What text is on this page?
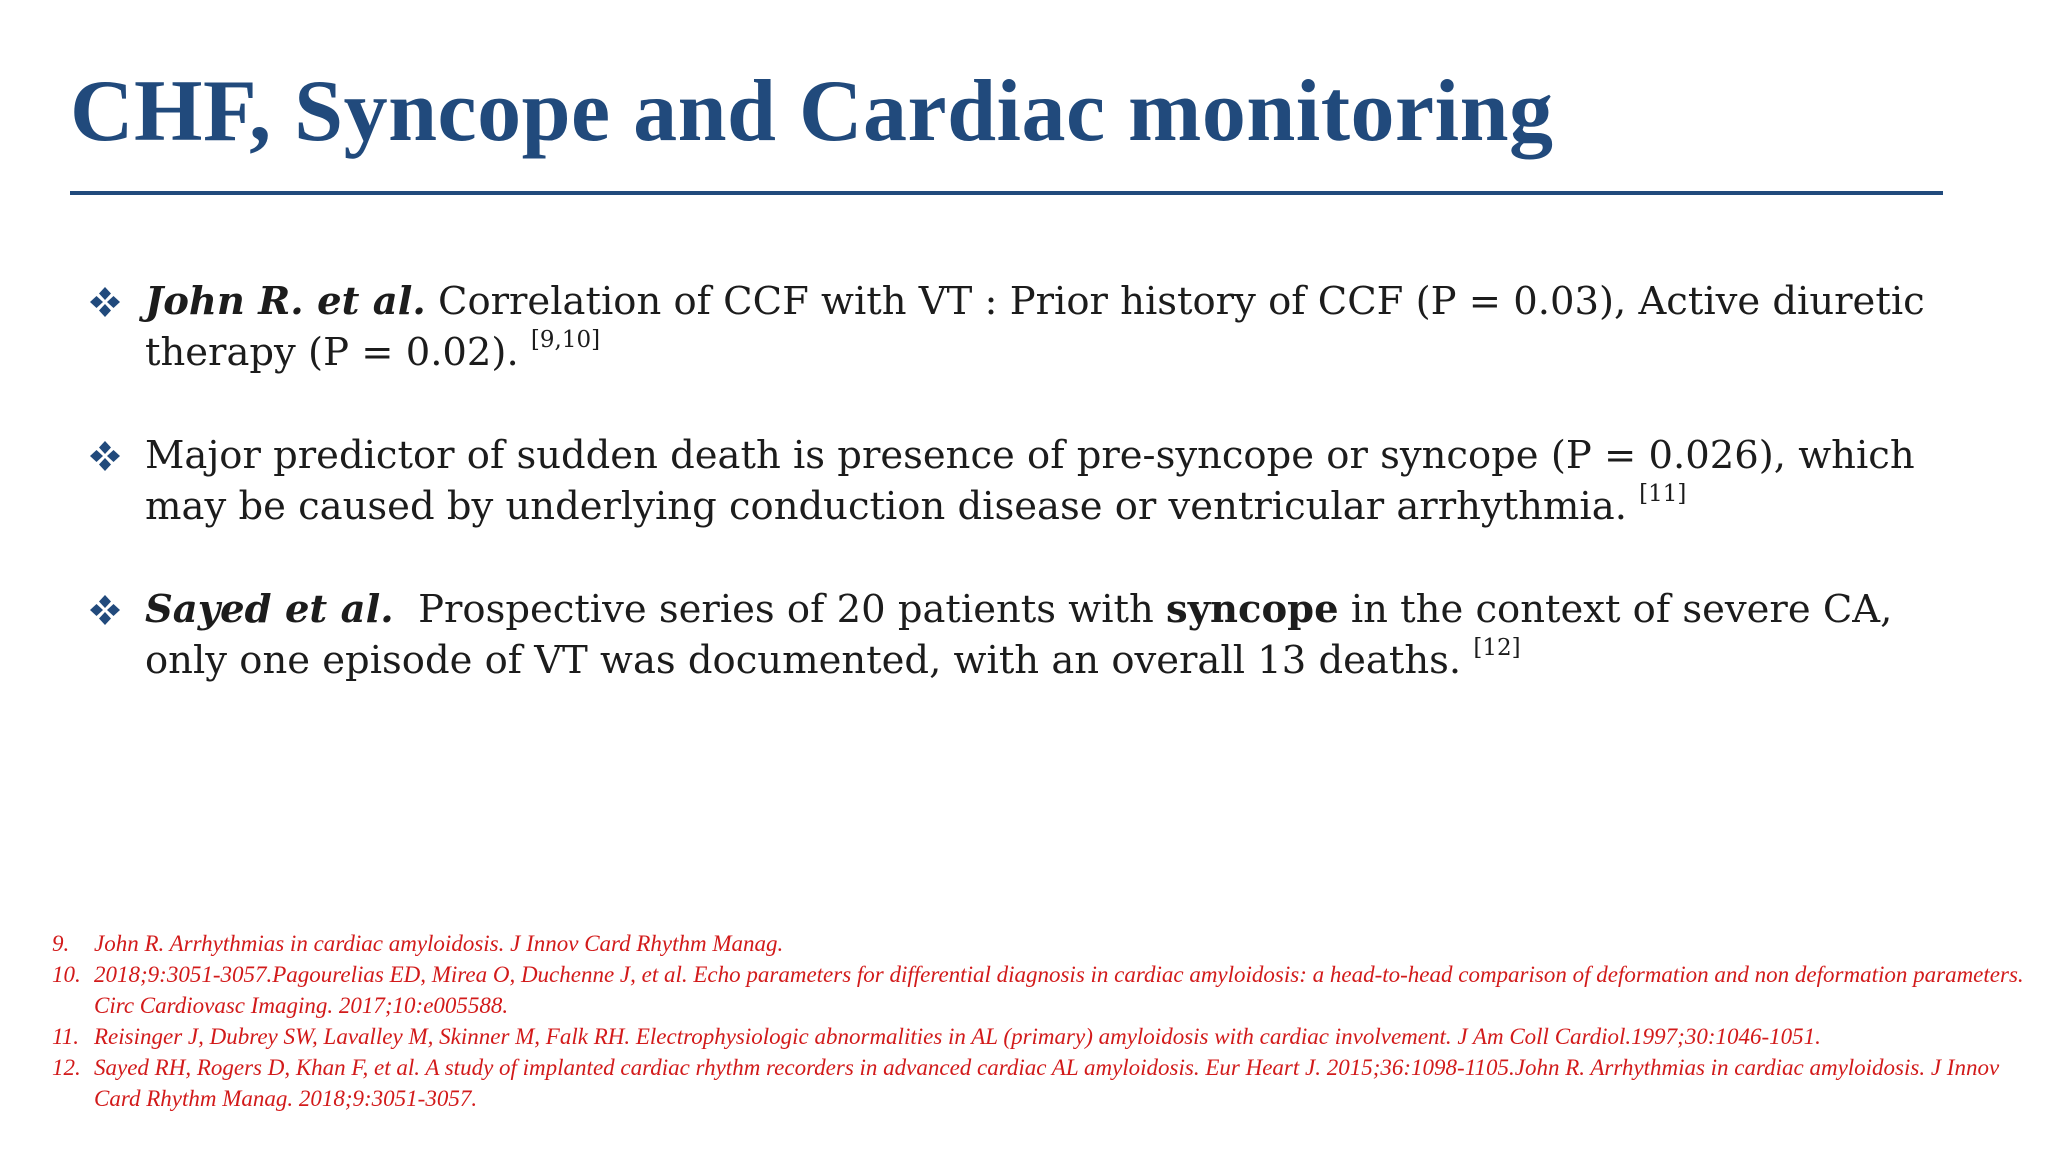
CHF, Syncope and Cardiac monitoring

John R. et al. Correlation of CCF with VT : Prior history of CCF (P = 0.03), Active diuretic therapy (P = 0.02). [9,10]

Major predictor of sudden death is presence of pre-syncope or syncope (P = 0.026), which may be caused by underlying conduction disease or ventricular arrhythmia. [11]

Sayed et al.  Prospective series of 20 patients with syncope in the context of severe CA, only one episode of VT was documented, with an overall 13 deaths. [12]

9. John R. Arrhythmias in cardiac amyloidosis. J Innov Card Rhythm Manag.
10. 2018;9:3051-3057.Pagourelias ED, Mirea O, Duchenne J, et al. Echo parameters for differential diagnosis in cardiac amyloidosis: a head-to-head comparison of deformation and non deformation parameters. Circ Cardiovasc Imaging. 2017;10:e005588.
11. Reisinger J, Dubrey SW, Lavalley M, Skinner M, Falk RH. Electrophysiologic abnormalities in AL (primary) amyloidosis with cardiac involvement. J Am Coll Cardiol.1997;30:1046-1051.
12. Sayed RH, Rogers D, Khan F, et al. A study of implanted cardiac rhythm recorders in advanced cardiac AL amyloidosis. Eur Heart J. 2015;36:1098-1105.John R. Arrhythmias in cardiac amyloidosis. J Innov Card Rhythm Manag. 2018;9:3051-3057.
